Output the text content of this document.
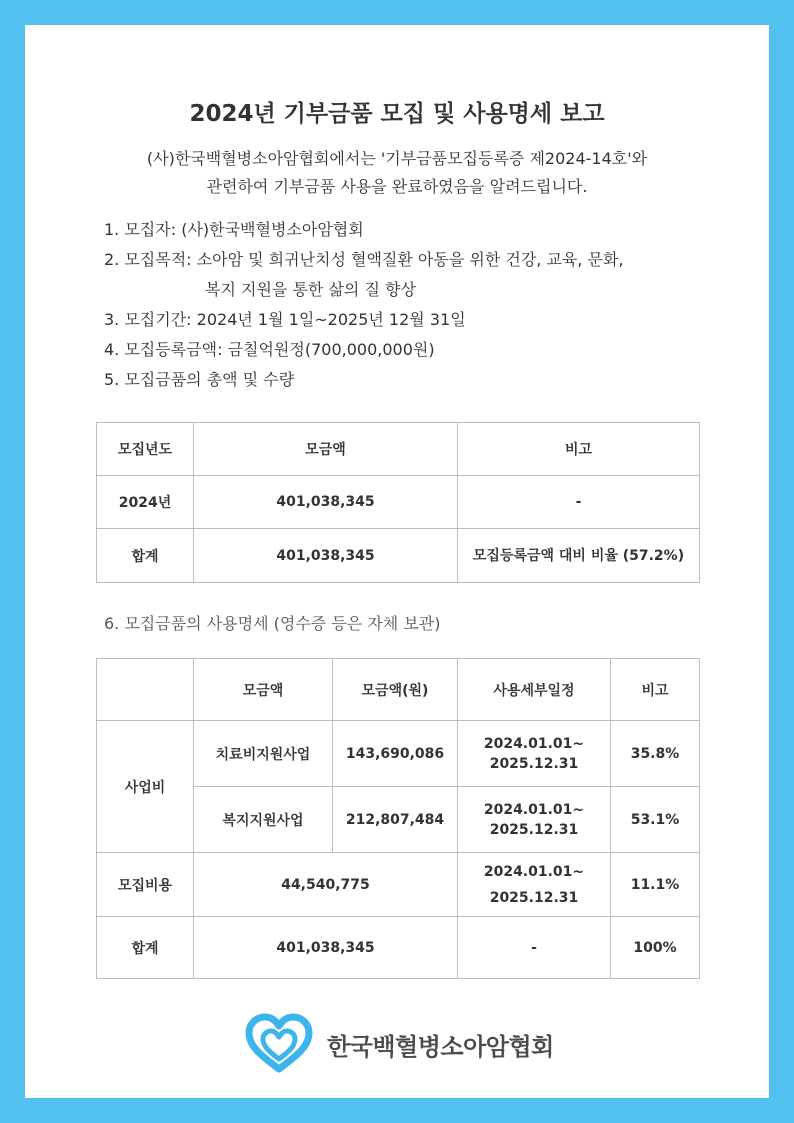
2024년 기부금품 모집 및 사용명세 보고
(사)한국백혈병소아암협회에서는 '기부금품모집등록증 제2024-14호'와
관련하여 기부금품 사용을 완료하였음을 알려드립니다.
1. 모집자: (사)한국백혈병소아암협회
2. 모집목적: 소아암 및 희귀난치성 혈액질환 아동을 위한 건강, 교육, 문화,
복지 지원을 통한 삶의 질 향상
3. 모집기간: 2024년 1월 1일~2025년 12월 31일
4. 모집등록금액: 금칠억원정(700,000,000원)
5. 모집금품의 총액 및 수량
모집년도	모금액	비고
2024년	401,038,345	-
합계	401,038,345	모집등록금액 대비 비율 (57.2%)
6. 모집금품의 사용명세 (영수증 등은 자체 보관)
	모금액	모금액(원)	사용세부일정	비고
사업비	치료비지원사업	143,690,086	2024.01.01~ 2025.12.31	35.8%
	복지지원사업	212,807,484	2024.01.01~ 2025.12.31	53.1%
모집비용	44,540,775		2024.01.01~ 2025.12.31	11.1%
합계	401,038,345		-	100%
한국백혈병소아암협회
